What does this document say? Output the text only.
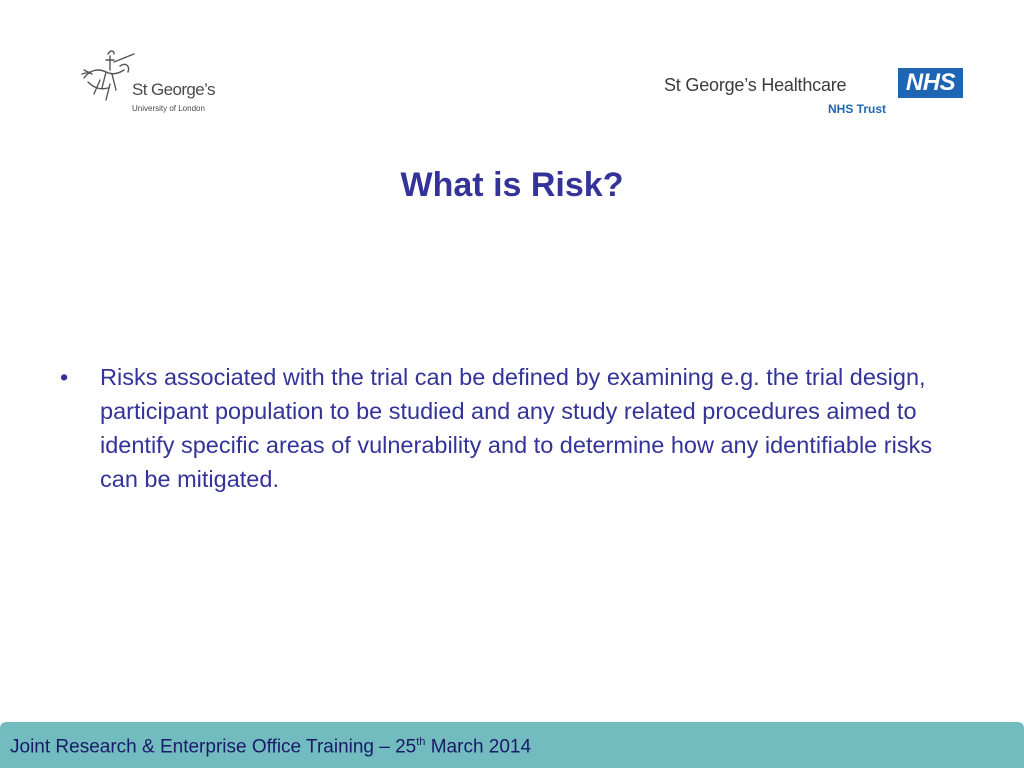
St George’s
University of London
St George’s Healthcare	NHS
NHS Trust
What is Risk?
• Risks associated with the trial can be defined by examining e.g. the trial design, participant population to be studied and any study related procedures aimed to identify specific areas of vulnerability and to determine how any identifiable risks can be mitigated.
Joint Research & Enterprise Office Training – 25th March 2014
